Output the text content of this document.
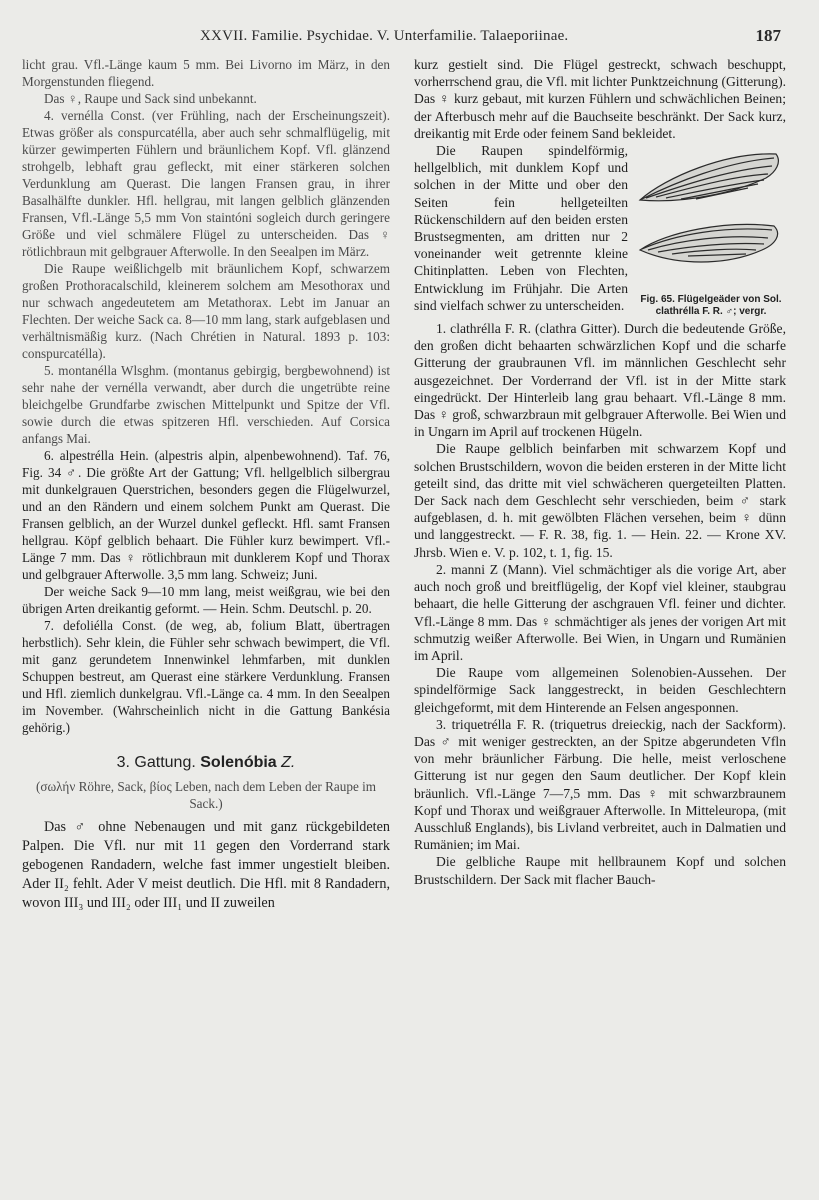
XXVII. Familie. Psychidae. V. Unterfamilie. Talaeporiinae.	187

licht grau. Vfl.-Länge kaum 5 mm. Bei Livorno im März, in den Morgenstunden fliegend.

Das ♀, Raupe und Sack sind unbekannt.

4. vernélla Const. (ver Frühling, nach der Erscheinungszeit). Etwas größer als conspurcatélla, aber auch sehr schmalflügelig, mit kürzer gewimperten Fühlern und bräunlichem Kopf. Vfl. glänzend strohgelb, lebhaft grau gefleckt, mit einer stärkeren solchen Verdunklung am Querast. Die langen Fransen grau, in ihrer Basalhälfte dunkler. Hfl. hellgrau, mit langen gelblich glänzenden Fransen, Vfl.-Länge 5,5 mm Von staintóni sogleich durch geringere Größe und viel schmälere Flügel zu unterscheiden. Das ♀ rötlichbraun mit gelbgrauer Afterwolle. In den Seealpen im März.

Die Raupe weißlichgelb mit bräunlichem Kopf, schwarzem großen Prothoracalschild, kleinerem solchem am Mesothorax und nur schwach angedeutetem am Metathorax. Lebt im Januar an Flechten. Der weiche Sack ca. 8—10 mm lang, stark aufgeblasen und verhältnismäßig kurz. (Nach Chrétien in Natural. 1893 p. 103: conspurcatélla).

5. montanélla Wlsghm. (montanus gebirgig, bergbewohnend) ist sehr nahe der vernélla verwandt, aber durch die ungetrübte reine bleichgelbe Grundfarbe zwischen Mittelpunkt und Spitze der Vfl. sowie durch die etwas spitzeren Hfl. verschieden. Auf Corsica anfangs Mai.

6. alpestrélla Hein. (alpestris alpin, alpenbewohnend). Taf. 76, Fig. 34 ♂. Die größte Art der Gattung; Vfl. hellgelblich silbergrau mit dunkelgrauen Querstrichen, besonders gegen die Flügelwurzel, und an den Rändern und einem solchem Punkt am Querast. Die Fransen gelblich, an der Wurzel dunkel gefleckt. Hfl. samt Fransen hellgrau. Köpf gelblich behaart. Die Fühler kurz bewimpert. Vfl.-Länge 7 mm. Das ♀ rötlichbraun mit dunklerem Kopf und Thorax und gelbgrauer Afterwolle. 3,5 mm lang. Schweiz; Juni.

Der weiche Sack 9—10 mm lang, meist weißgrau, wie bei den übrigen Arten dreikantig geformt. — Hein. Schm. Deutschl. p. 20.

7. defoliélla Const. (de weg, ab, folium Blatt, übertragen herbstlich). Sehr klein, die Fühler sehr schwach bewimpert, die Vfl. mit ganz gerundetem Innenwinkel lehmfarben, mit dunklen Schuppen bestreut, am Querast eine stärkere Verdunklung. Fransen und Hfl. ziemlich dunkelgrau. Vfl.-Länge ca. 4 mm. In den Seealpen im November. (Wahrscheinlich nicht in die Gattung Bankésia gehörig.)

3. Gattung. Solenóbia Z.

(σωλήν Röhre, Sack, βίος Leben, nach dem Leben der Raupe im Sack.)

Das ♂ ohne Nebenaugen und mit ganz rückgebildeten Palpen. Die Vfl. nur mit 11 gegen den Vorderrand stark gebogenen Randadern, welche fast immer ungestielt bleiben. Ader II₂ fehlt. Ader V meist deutlich. Die Hfl. mit 8 Randadern, wovon III₃ und III₂ oder III₁ und II zuweilen

kurz gestielt sind. Die Flügel gestreckt, schwach beschuppt, vorherrschend grau, die Vfl. mit lichter Punktzeichnung (Gitterung). Das ♀ kurz gebaut, mit kurzen Fühlern und schwächlichen Beinen; der Afterbusch mehr auf die Bauchseite beschränkt. Der Sack kurz, dreikantig mit Erde oder feinem Sand bekleidet.

Fig. 65. Flügelgeäder von Sol. clathrélla F. R. ♂; vergr.

Die Raupen spindelförmig, hellgelblich, mit dunklem Kopf und solchen in der Mitte und ober den Seiten fein hellgeteilten Rückenschildern auf den beiden ersten Brustsegmenten, am dritten nur 2 voneinander weit getrennte kleine Chitinplatten. Leben von Flechten, Entwicklung im Frühjahr. Die Arten sind vielfach schwer zu unterscheiden.

1. clathrélla F. R. (clathra Gitter). Durch die bedeutende Größe, den großen dicht behaarten schwärzlichen Kopf und die scharfe Gitterung der graubraunen Vfl. im männlichen Geschlecht sehr ausgezeichnet. Der Vorderrand der Vfl. ist in der Mitte stark eingedrückt. Der Hinterleib lang grau behaart. Vfl.-Länge 8 mm. Das ♀ groß, schwarzbraun mit gelbgrauer Afterwolle. Bei Wien und in Ungarn im April auf trockenen Hügeln.

Die Raupe gelblich beinfarben mit schwarzem Kopf und solchen Brustschildern, wovon die beiden ersteren in der Mitte licht geteilt sind, das dritte mit viel schwächeren quergeteilten Platten. Der Sack nach dem Geschlecht sehr verschieden, beim ♂ stark aufgeblasen, d. h. mit gewölbten Flächen versehen, beim ♀ dünn und langgestreckt. — F. R. 38, fig. 1. — Hein. 22. — Krone XV. Jhrsb. Wien e. V. p. 102, t. 1, fig. 15.

2. manni Z (Mann). Viel schmächtiger als die vorige Art, aber auch noch groß und breitflügelig, der Kopf viel kleiner, staubgrau behaart, die helle Gitterung der aschgrauen Vfl. feiner und dichter. Vfl.-Länge 8 mm. Das ♀ schmächtiger als jenes der vorigen Art mit schmutzig weißer Afterwolle. Bei Wien, in Ungarn und Rumänien im April.

Die Raupe vom allgemeinen Solenobien-Aussehen. Der spindelförmige Sack langgestreckt, in beiden Geschlechtern gleichgeformt, mit dem Hinterende an Felsen angesponnen.

3. triquetrélla F. R. (triquetrus dreieckig, nach der Sackform). Das ♂ mit weniger gestreckten, an der Spitze abgerundeten Vfln von mehr bräunlicher Färbung. Die helle, meist verloschene Gitterung ist nur gegen den Saum deutlicher. Der Kopf klein bräunlich. Vfl.-Länge 7—7,5 mm. Das ♀ mit schwarzbraunem Kopf und Thorax und weißgrauer Afterwolle. In Mitteleuropa, (mit Ausschluß Englands), bis Livland verbreitet, auch in Dalmatien und Rumänien; im Mai.

Die gelbliche Raupe mit hellbraunem Kopf und solchen Brustschildern. Der Sack mit flacher Bauch-
